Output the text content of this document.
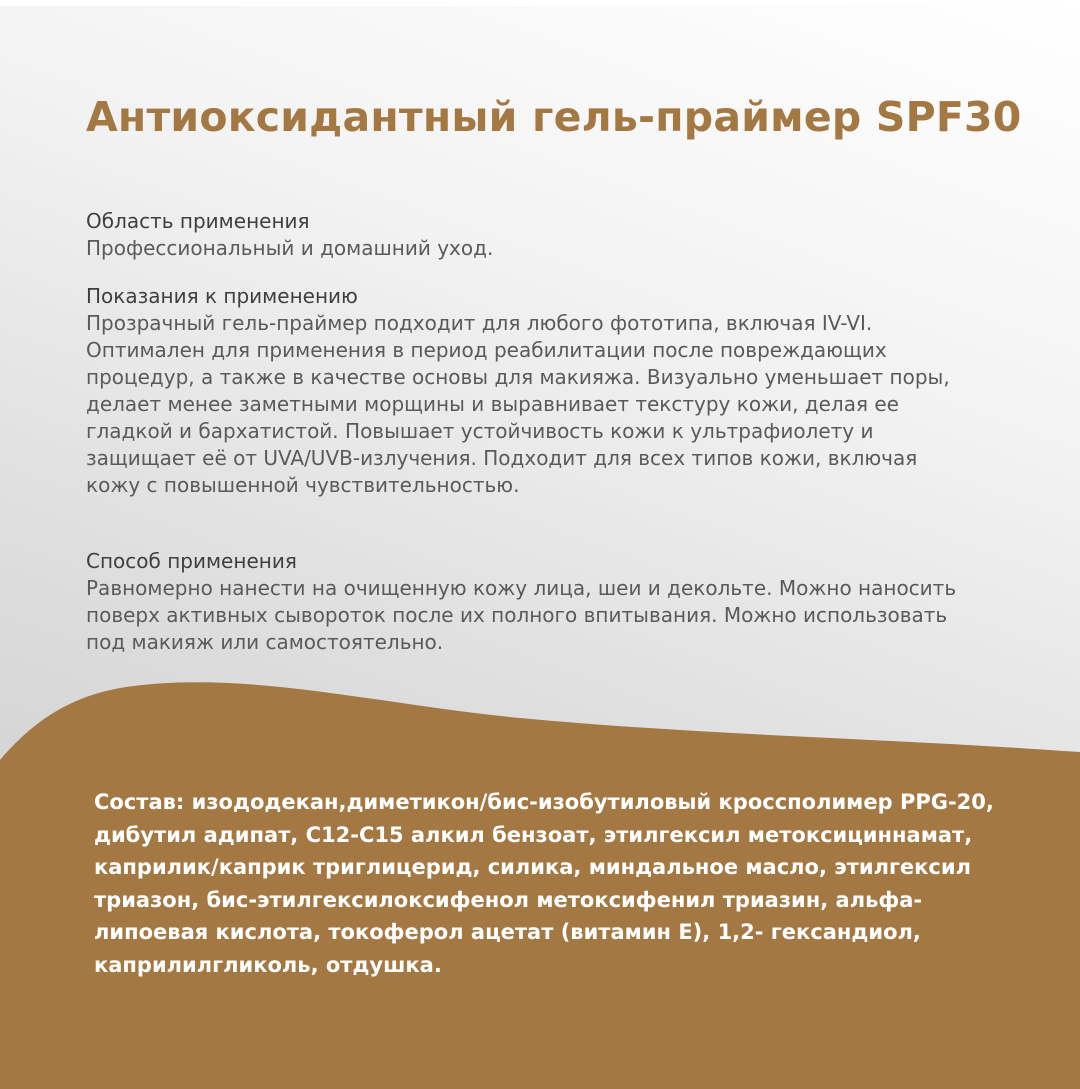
Антиоксидантный гель-праймер SPF30
Область применения

Профессиональный и домашний уход.

Показания к применению

Прозрачный гель-праймер подходит для любого фототипа, включая IV-VI. Оптимален для применения в период реабилитации после повреждающих процедур, а также в качестве основы для макияжа. Визуально уменьшает поры, делает менее заметными морщины и выравнивает текстуру кожи, делая ее гладкой и бархатистой. Повышает устойчивость кожи к ультрафиолету и защищает её от UVA/UVB-излучения. Подходит для всех типов кожи, включая кожу с повышенной чувствительностью.

Способ применения

Равномерно нанести на очищенную кожу лица, шеи и декольте. Можно наносить поверх активных сывороток после их полного впитывания. Можно использовать под макияж или самостоятельно.

Состав: изододекан,диметикон/бис-изобутиловый кроссполимер PPG-20, дибутил адипат, C12-C15 алкил бензоат, этилгексил метоксициннамат, каприлик/каприк триглицерид, силика, миндальное масло, этилгексил триазон, бис-этилгексилоксифенол метоксифенил триазин, альфа-липоевая кислота, токоферол ацетат (витамин Е), 1,2- гександиол, каприлилгликоль, отдушка.
